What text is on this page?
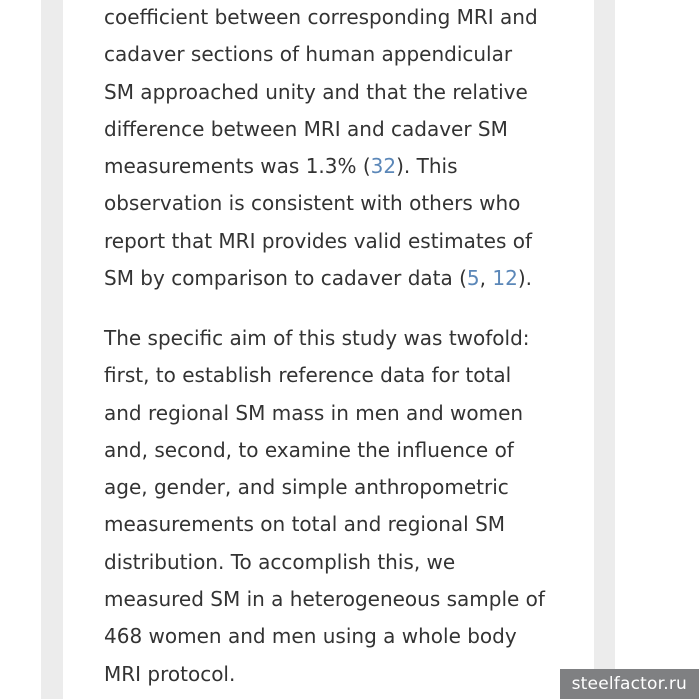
coefficient between corresponding MRI and
cadaver sections of human appendicular
SM approached unity and that the relative
difference between MRI and cadaver SM
measurements was 1.3% (32). This
observation is consistent with others who
report that MRI provides valid estimates of
SM by comparison to cadaver data (5, 12).

The specific aim of this study was twofold:
first, to establish reference data for total
and regional SM mass in men and women
and, second, to examine the influence of
age, gender, and simple anthropometric
measurements on total and regional SM
distribution. To accomplish this, we
measured SM in a heterogeneous sample of
468 women and men using a whole body
MRI protocol.	steelfactor.ru
